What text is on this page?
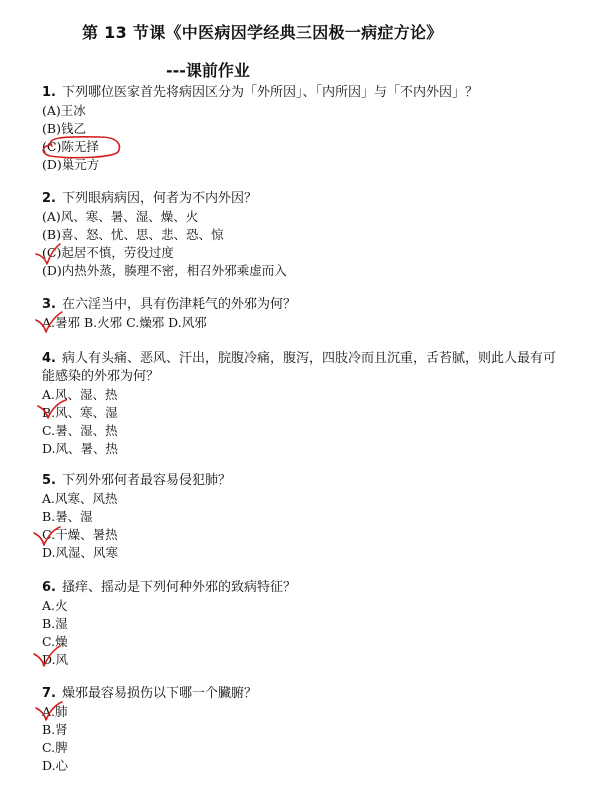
第 13 节课《中医病因学经典三因极一病症方论》
---课前作业
1. 下列哪位医家首先将病因区分为「外所因」、「内所因」与「不内外因」？
(A)王冰
(B)钱乙
(C)陈无择
(D)巢元方
2. 下列眼病病因，何者为不内外因？
(A)风、寒、暑、湿、燥、火
(B)喜、怒、忧、思、悲、恐、惊
(C)起居不慎，劳役过度
(D)内热外蒸，腠理不密，相召外邪乘虚而入
3. 在六淫当中，具有伤津耗气的外邪为何？
A.暑邪 B.火邪 C.燥邪 D.风邪
4. 病人有头痛、恶风、汗出，脘腹冷痛，腹泻，四肢冷而且沉重，舌苔腻，则此人最有可能感染的外邪为何？
A.风、湿、热
B.风、寒、湿
C.暑、湿、热
D.风、暑、热
5. 下列外邪何者最容易侵犯肺？
A.风寒、风热
B.暑、湿
C.干燥、暑热
D.风湿、风寒
6. 搔痒、摇动是下列何种外邪的致病特征？
A.火
B.湿
C.燥
D.风
7. 燥邪最容易损伤以下哪一个臟腑？
A.肺
B.肾
C.脾
D.心
